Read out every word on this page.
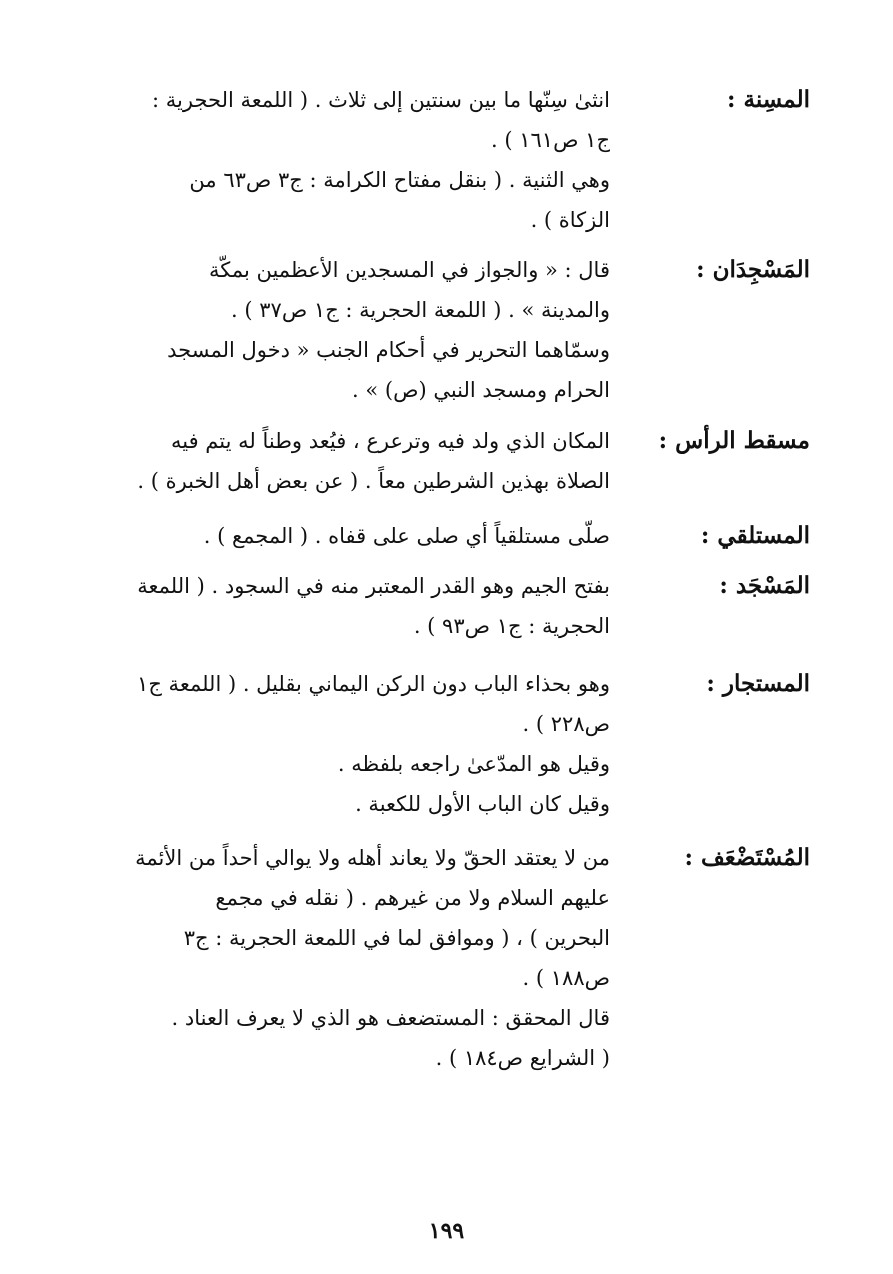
المسِنة :
انثىٰ سِنّها ما بين سنتين إلى ثلاث . ( اللمعة الحجرية :
ج١ ص١٦١ ) .
وهي الثنية . ( بنقل مفتاح الكرامة : ج٣ ص٦٣ من
الزكاة ) .
المَسْجِدَان :
قال : « والجواز في المسجدين الأعظمين بمكّة
والمدينة » . ( اللمعة الحجرية : ج١ ص٣٧ ) .
وسمّاهما التحرير في أحكام الجنب « دخول المسجد
الحرام ومسجد النبي (ص) » .
مسقط الرأس :
المكان الذي ولد فيه وترعرع ، فيُعد وطناً له يتم فيه
الصلاة بهذين الشرطين معاً . ( عن بعض أهل الخبرة ) .
المستلقي :
صلّى مستلقياً أي صلى على قفاه . ( المجمع ) .
المَسْجَد :
بفتح الجيم وهو القدر المعتبر منه في السجود . ( اللمعة
الحجرية : ج١ ص٩٣ ) .
المستجار :
وهو بحذاء الباب دون الركن اليماني بقليل . ( اللمعة ج١
ص٢٢٨ ) .
وقيل هو المدّعىٰ راجعه بلفظه .
وقيل كان الباب الأول للكعبة .
المُسْتَضْعَف :
من لا يعتقد الحقّ ولا يعاند أهله ولا يوالي أحداً من الأئمة
عليهم السلام ولا من غيرهم . ( نقله في مجمع
البحرين ) ، ( وموافق لما في اللمعة الحجرية : ج٣
ص١٨٨ ) .
قال المحقق : المستضعف هو الذي لا يعرف العناد .
( الشرايع ص١٨٤ ) .
١٩٩
